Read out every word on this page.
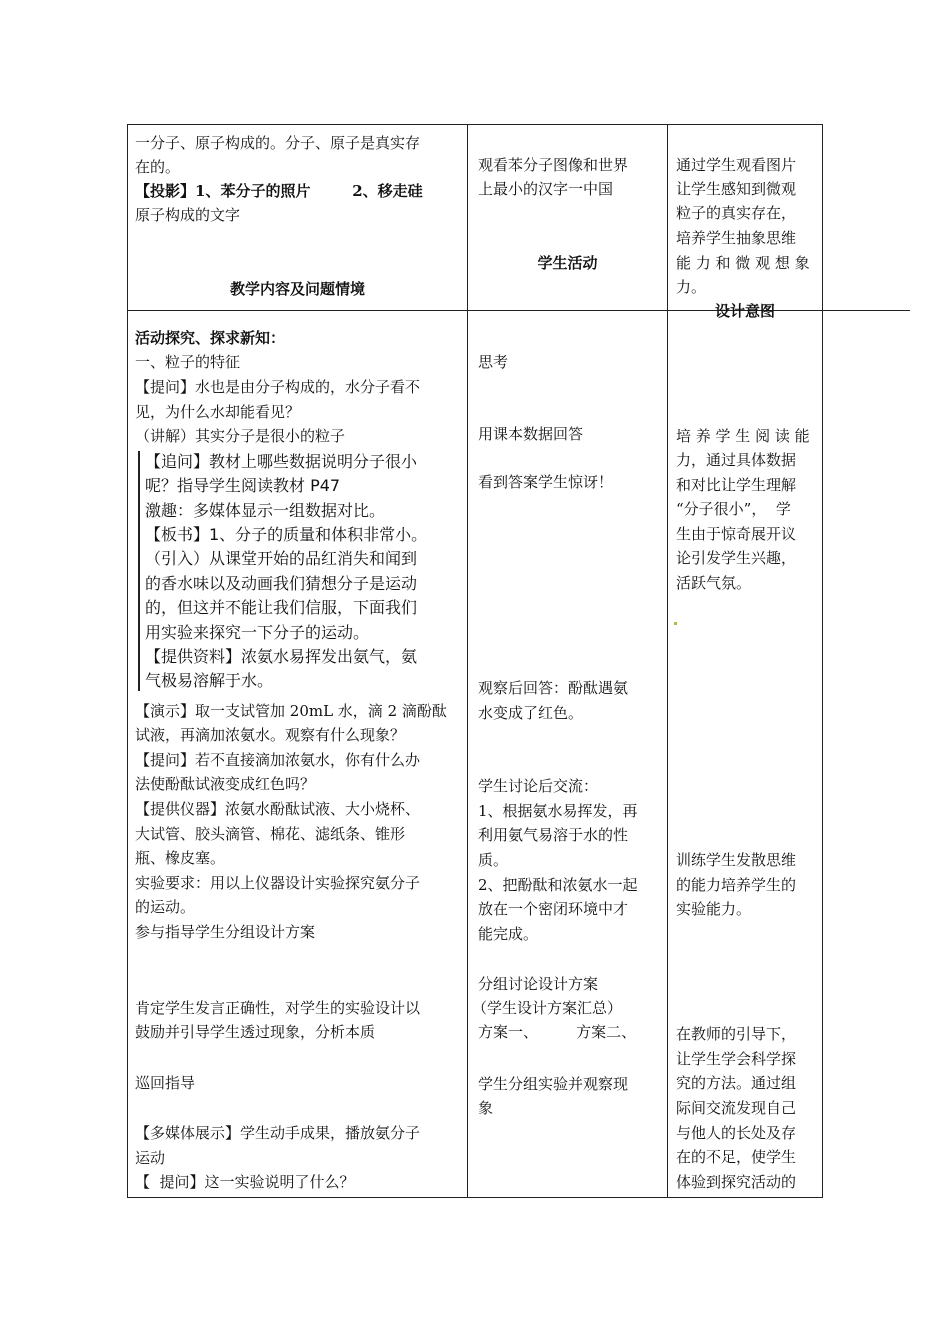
一分子、原子构成的。分子、原子是真实存
在的。
【投影】1、苯分子的照片        2、移走硅
原子构成的文字
教学内容及问题情境
观看苯分子图像和世界
上最小的汉字一中国
学生活动
通过学生观看图片
让学生感知到微观
粒子的真实存在，
培养学生抽象思维
能 力 和 微 观 想 象
力。
设计意图
活动探究、探求新知：
一、粒子的特征
【提问】水也是由分子构成的，水分子看不
见，为什么水却能看见？
（讲解）其实分子是很小的粒子
【追问】教材上哪些数据说明分子很小
呢？指导学生阅读教材 P47
激趣：多媒体显示一组数据对比。
【板书】1、分子的质量和体积非常小。
（引入）从课堂开始的品红消失和闻到
的香水味以及动画我们猜想分子是运动
的，但这并不能让我们信服，下面我们
用实验来探究一下分子的运动。
【提供资料】浓氨水易挥发出氨气，氨
气极易溶解于水。
【演示】取一支试管加 20mL 水，滴 2 滴酚酞
试液，再滴加浓氨水。观察有什么现象？
【提问】若不直接滴加浓氨水，你有什么办
法使酚酞试液变成红色吗？
【提供仪器】浓氨水酚酞试液、大小烧杯、
大试管、胶头滴管、棉花、滤纸条、锥形
瓶、橡皮塞。
实验要求：用以上仪器设计实验探究氨分子
的运动。
参与指导学生分组设计方案
肯定学生发言正确性，对学生的实验设计以
鼓励并引导学生透过现象，分析本质
巡回指导
【多媒体展示】学生动手成果，播放氨分子
运动
【  提问】这一实验说明了什么？
思考
用课本数据回答
看到答案学生惊讶！
观察后回答：酚酞遇氨
水变成了红色。
学生讨论后交流：
1、根据氨水易挥发，再
利用氨气易溶于水的性
质。
2、把酚酞和浓氨水一起
放在一个密闭环境中才
能完成。
分组讨论设计方案
（学生设计方案汇总）
方案一、        方案二、
学生分组实验并观察现
象
培 养 学 生 阅 读 能
力，通过具体数据
和对比让学生理解
“分子很小”，  学
生由于惊奇展开议
论引发学生兴趣，
活跃气氛。
训练学生发散思维
的能力培养学生的
实验能力。
在教师的引导下，
让学生学会科学探
究的方法。通过组
际间交流发现自己
与他人的长处及存
在的不足，使学生
体验到探究活动的
